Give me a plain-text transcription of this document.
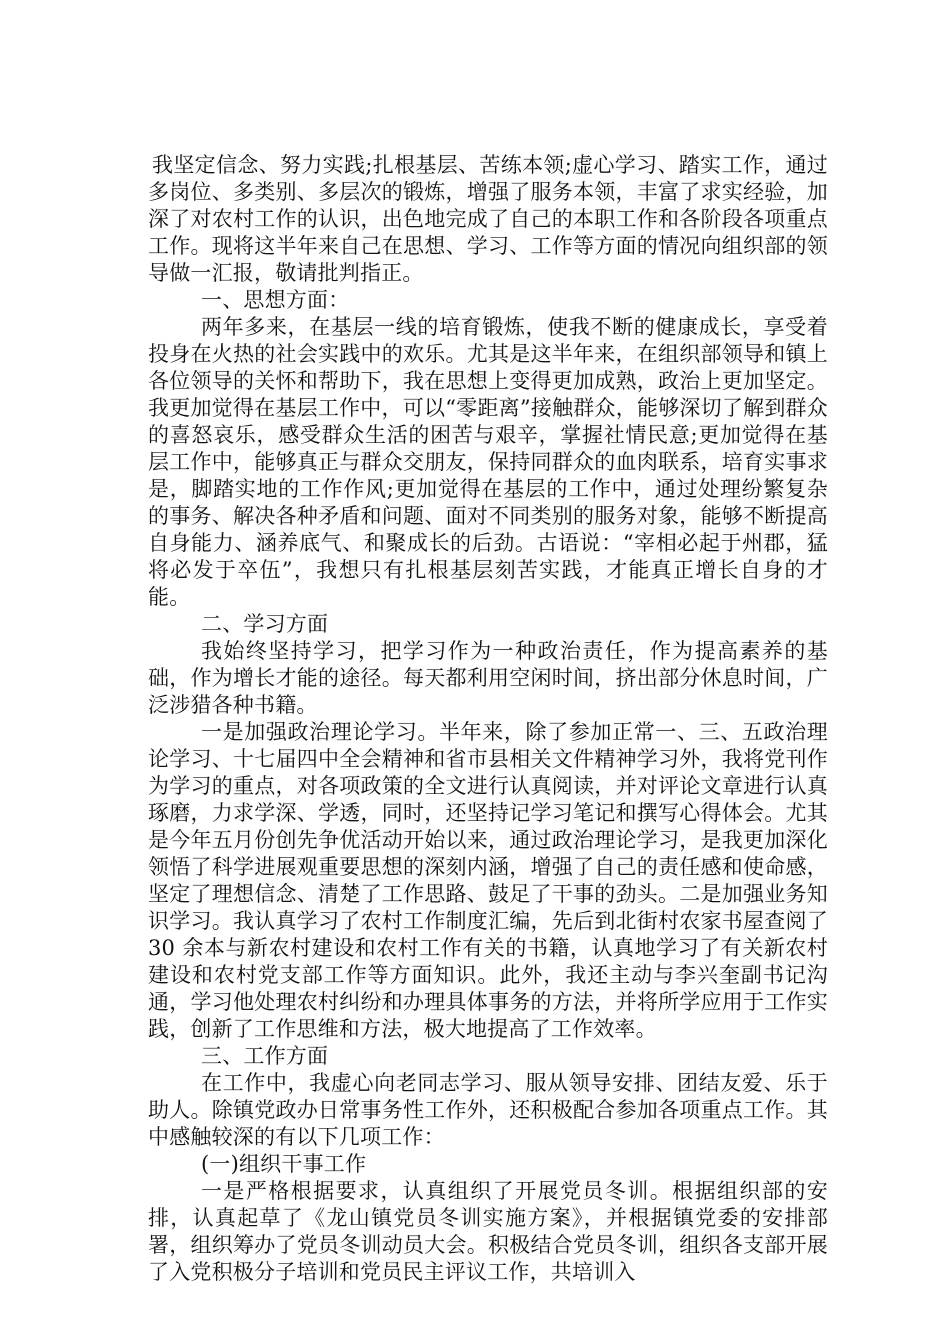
我坚定信念、努力实践;扎根基层、苦练本领;虚心学习、踏实工作，通过多岗位、多类别、多层次的锻炼，增强了服务本领，丰富了求实经验，加深了对农村工作的认识，出色地完成了自己的本职工作和各阶段各项重点工作。现将这半年来自己在思想、学习、工作等方面的情况向组织部的领导做一汇报，敬请批判指正。

一、思想方面：

两年多来，在基层一线的培育锻炼，使我不断的健康成长，享受着投身在火热的社会实践中的欢乐。尤其是这半年来，在组织部领导和镇上各位领导的关怀和帮助下，我在思想上变得更加成熟，政治上更加坚定。我更加觉得在基层工作中，可以“零距离”接触群众，能够深切了解到群众的喜怒哀乐，感受群众生活的困苦与艰辛，掌握社情民意;更加觉得在基层工作中，能够真正与群众交朋友，保持同群众的血肉联系，培育实事求是，脚踏实地的工作作风;更加觉得在基层的工作中，通过处理纷繁复杂的事务、解决各种矛盾和问题、面对不同类别的服务对象，能够不断提高自身能力、涵养底气、和聚成长的后劲。古语说：“宰相必起于州郡，猛将必发于卒伍”，我想只有扎根基层刻苦实践，才能真正增长自身的才能。

二、学习方面

我始终坚持学习，把学习作为一种政治责任，作为提高素养的基础，作为增长才能的途径。每天都利用空闲时间，挤出部分休息时间，广泛涉猎各种书籍。

一是加强政治理论学习。半年来，除了参加正常一、三、五政治理论学习、十七届四中全会精神和省市县相关文件精神学习外，我将党刊作为学习的重点，对各项政策的全文进行认真阅读，并对评论文章进行认真琢磨，力求学深、学透，同时，还坚持记学习笔记和撰写心得体会。尤其是今年五月份创先争优活动开始以来，通过政治理论学习，是我更加深化领悟了科学进展观重要思想的深刻内涵，增强了自己的责任感和使命感，坚定了理想信念、清楚了工作思路、鼓足了干事的劲头。二是加强业务知识学习。我认真学习了农村工作制度汇编，先后到北街村农家书屋查阅了 30 余本与新农村建设和农村工作有关的书籍，认真地学习了有关新农村建设和农村党支部工作等方面知识。此外，我还主动与李兴奎副书记沟通，学习他处理农村纠纷和办理具体事务的方法，并将所学应用于工作实践，创新了工作思维和方法，极大地提高了工作效率。

三、工作方面

在工作中，我虚心向老同志学习、服从领导安排、团结友爱、乐于助人。除镇党政办日常事务性工作外，还积极配合参加各项重点工作。其中感触较深的有以下几项工作：

(一)组织干事工作

一是严格根据要求，认真组织了开展党员冬训。根据组织部的安排，认真起草了《龙山镇党员冬训实施方案》，并根据镇党委的安排部署，组织筹办了党员冬训动员大会。积极结合党员冬训，组织各支部开展了入党积极分子培训和党员民主评议工作，共培训入
